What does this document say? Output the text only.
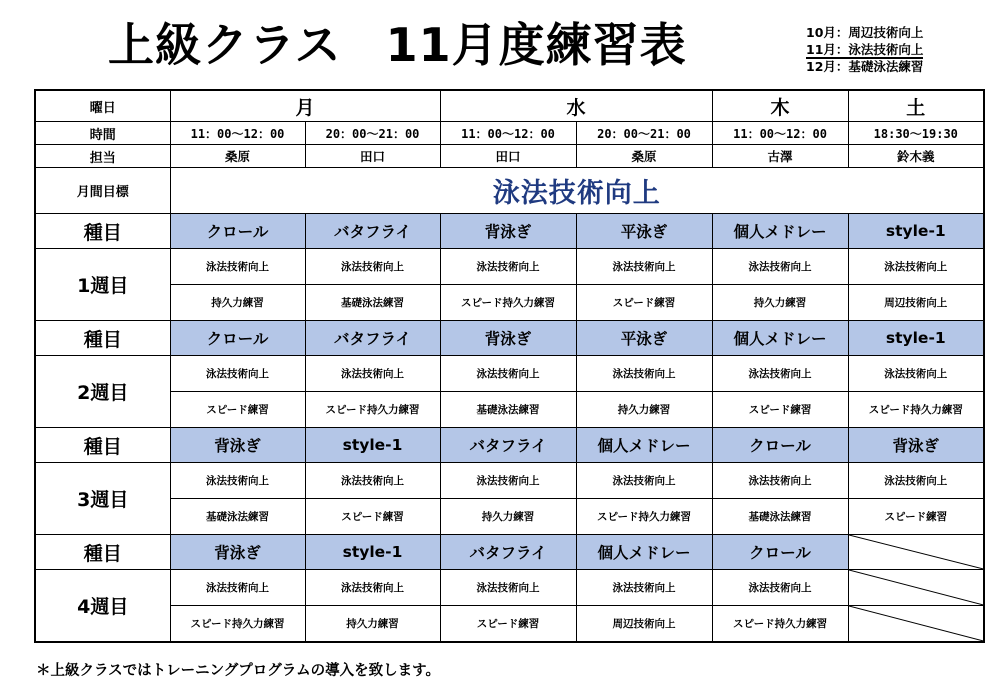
上級クラス 11月度練習表	10月：周辺技術向上
11月：泳法技術向上
12月：基礎泳法練習
曜日	月		水		木	土
時間	11：00〜12：00	20：00〜21：00	11：00〜12：00	20：00〜21：00	11：00〜12：00	18:30〜19:30
担当	桑原	田口	田口	桑原	古澤	鈴木義
月間目標	泳法技術向上					
種目	クロール	バタフライ	背泳ぎ	平泳ぎ	個人メドレー	style-1
1週目	泳法技術向上	泳法技術向上	泳法技術向上	泳法技術向上	泳法技術向上	泳法技術向上
	持久力練習	基礎泳法練習	スピード持久力練習	スピード練習	持久力練習	周辺技術向上
種目	クロール	バタフライ	背泳ぎ	平泳ぎ	個人メドレー	style-1
2週目	泳法技術向上	泳法技術向上	泳法技術向上	泳法技術向上	泳法技術向上	泳法技術向上
	スピード練習	スピード持久力練習	基礎泳法練習	持久力練習	スピード練習	スピード持久力練習
種目	背泳ぎ	style-1	バタフライ	個人メドレー	クロール	背泳ぎ
3週目	泳法技術向上	泳法技術向上	泳法技術向上	泳法技術向上	泳法技術向上	泳法技術向上
	基礎泳法練習	スピード練習	持久力練習	スピード持久力練習	基礎泳法練習	スピード練習
種目	背泳ぎ	style-1	バタフライ	個人メドレー	クロール	

4週目	泳法技術向上	泳法技術向上	泳法技術向上	泳法技術向上	泳法技術向上	

	スピード持久力練習	持久力練習	スピード練習	周辺技術向上	スピード持久力練習	
＊上級クラスではトレーニングプログラムの導入を致します。
